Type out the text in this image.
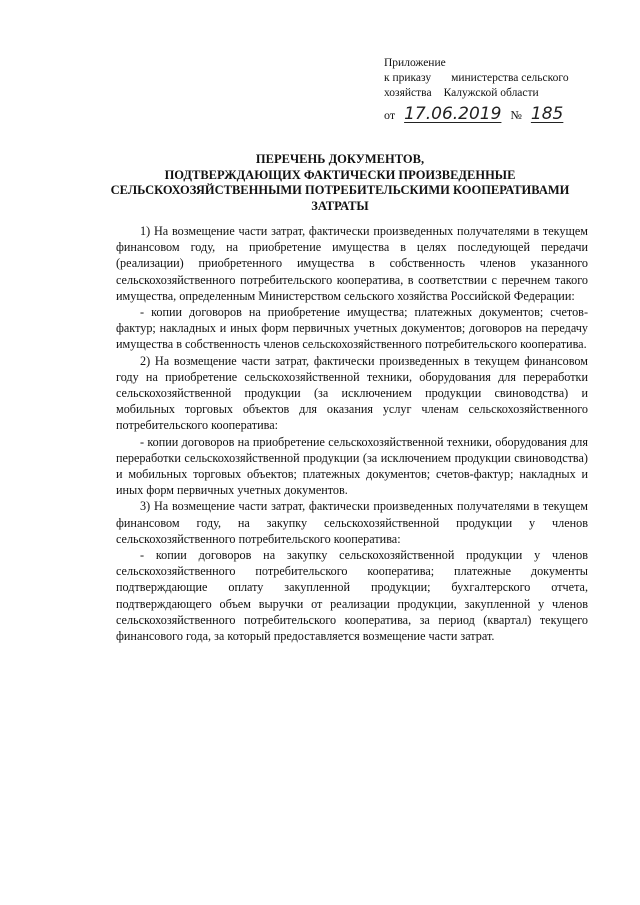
Приложение
к приказу министерства сельского
хозяйства Калужской области
от 17.06.2019 № 185
ПЕРЕЧЕНЬ ДОКУМЕНТОВ,
ПОДТВЕРЖДАЮЩИХ ФАКТИЧЕСКИ ПРОИЗВЕДЕННЫЕ
СЕЛЬСКОХОЗЯЙСТВЕННЫМИ ПОТРЕБИТЕЛЬСКИМИ КООПЕРАТИВАМИ
ЗАТРАТЫ

1) На возмещение части затрат, фактически произведенных получателями в текущем финансовом году, на приобретение имущества в целях последующей передачи (реализации) приобретенного имущества в собственность членов указанного сельскохозяйственного потребительского кооператива, в соответствии с перечнем такого имущества, определенным Министерством сельского хозяйства Российской Федерации:

- копии договоров на приобретение имущества; платежных документов; счетов-фактур; накладных и иных форм первичных учетных документов; договоров на передачу имущества в собственность членов сельскохозяйственного потребительского кооператива.

2) На возмещение части затрат, фактически произведенных в текущем финансовом году на приобретение сельскохозяйственной техники, оборудования для переработки сельскохозяйственной продукции (за исключением продукции свиноводства) и мобильных торговых объектов для оказания услуг членам сельскохозяйственного потребительского кооператива:

- копии договоров на приобретение сельскохозяйственной техники, оборудования для переработки сельскохозяйственной продукции (за исключением продукции свиноводства) и мобильных торговых объектов; платежных документов; счетов-фактур; накладных и иных форм первичных учетных документов.

3) На возмещение части затрат, фактически произведенных получателями в текущем финансовом году, на закупку сельскохозяйственной продукции у членов сельскохозяйственного потребительского кооператива:

- копии договоров на закупку сельскохозяйственной продукции у членов сельскохозяйственного потребительского кооператива; платежные документы подтверждающие оплату закупленной продукции; бухгалтерского отчета, подтверждающего объем выручки от реализации продукции, закупленной у членов сельскохозяйственного потребительского кооператива, за период (квартал) текущего финансового года, за который предоставляется возмещение части затрат.
